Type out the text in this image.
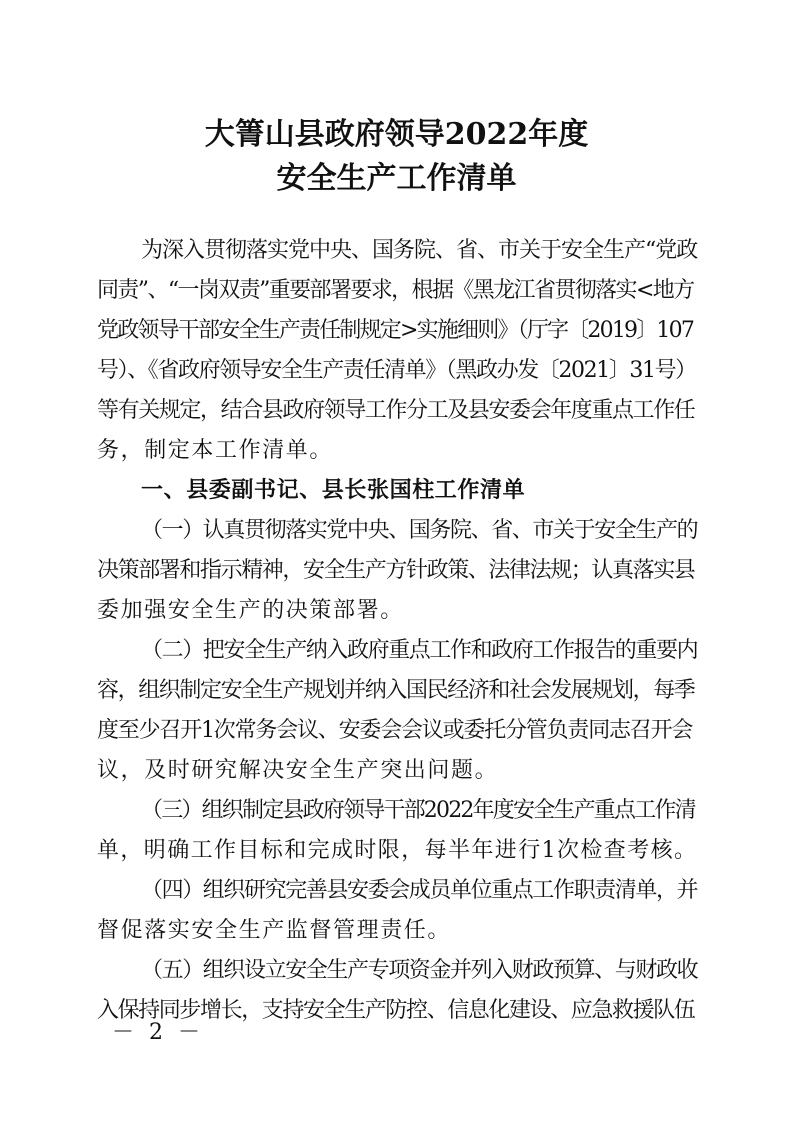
大箐山县政府领导2022年度
安全生产工作清单
为深入贯彻落实党中央、国务院、省、市关于安全生产“党政
同责”、“一岗双责”重要部署要求，根据《黑龙江省贯彻落实<地方
党政领导干部安全生产责任制规定>实施细则》（厅字〔2019〕107
号）、《省政府领导安全生产责任清单》（黑政办发〔2021〕31号）
等有关规定，结合县政府领导工作分工及县安委会年度重点工作任
务，制定本工作清单。
一、县委副书记、县长张国柱工作清单
（一）认真贯彻落实党中央、国务院、省、市关于安全生产的
决策部署和指示精神，安全生产方针政策、法律法规；认真落实县
委加强安全生产的决策部署。
（二）把安全生产纳入政府重点工作和政府工作报告的重要内
容，组织制定安全生产规划并纳入国民经济和社会发展规划，每季
度至少召开1次常务会议、安委会会议或委托分管负责同志召开会
议，及时研究解决安全生产突出问题。
（三）组织制定县政府领导干部2022年度安全生产重点工作清
单，明确工作目标和完成时限，每半年进行1次检查考核。
（四）组织研究完善县安委会成员单位重点工作职责清单，并
督促落实安全生产监督管理责任。
（五）组织设立安全生产专项资金并列入财政预算、与财政收
入保持同步增长，支持安全生产防控、信息化建设、应急救援队伍
－ 2 －
